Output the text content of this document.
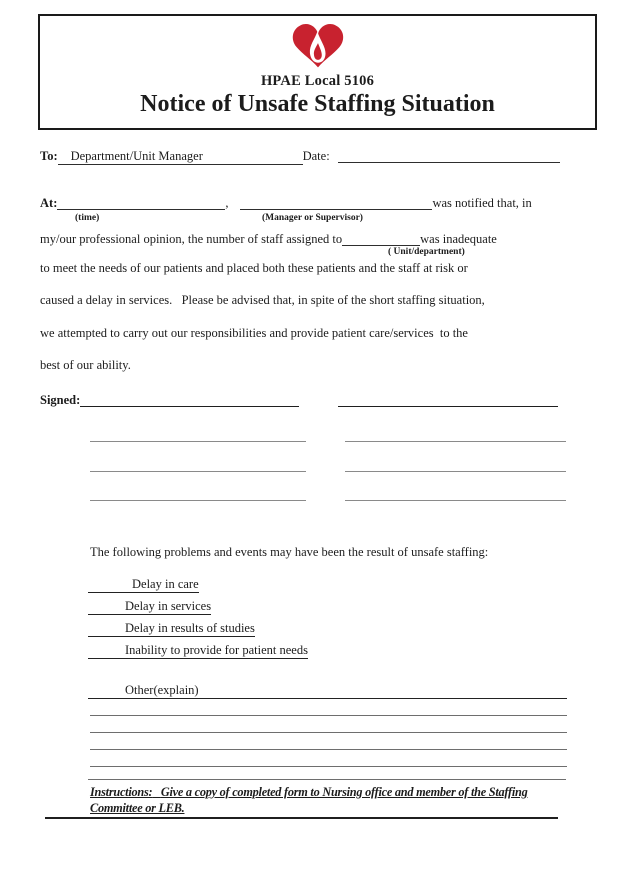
HPAE Local 5106
Notice of Unsafe Staffing Situation
To: Department/Unit Manager	Date:
At:	,	was notified that, in
(time)	(Manager or Supervisor)
my/our professional opinion, the number of staff assigned to	was inadequate
( Unit/department)
to meet the needs of our patients and placed both these patients and the staff at risk or
caused a delay in services.   Please be advised that, in spite of the short staffing situation,
we attempted to carry out our responsibilities and provide patient care/services  to the
best of our ability.
Signed:
The following problems and events may have been the result of unsafe staffing:
Delay in care
Delay in services
Delay in results of studies
Inability to provide for patient needs
Other(explain)
Instructions: Give a copy of completed form to Nursing office and member of the Staffing
Committee or LEB.
